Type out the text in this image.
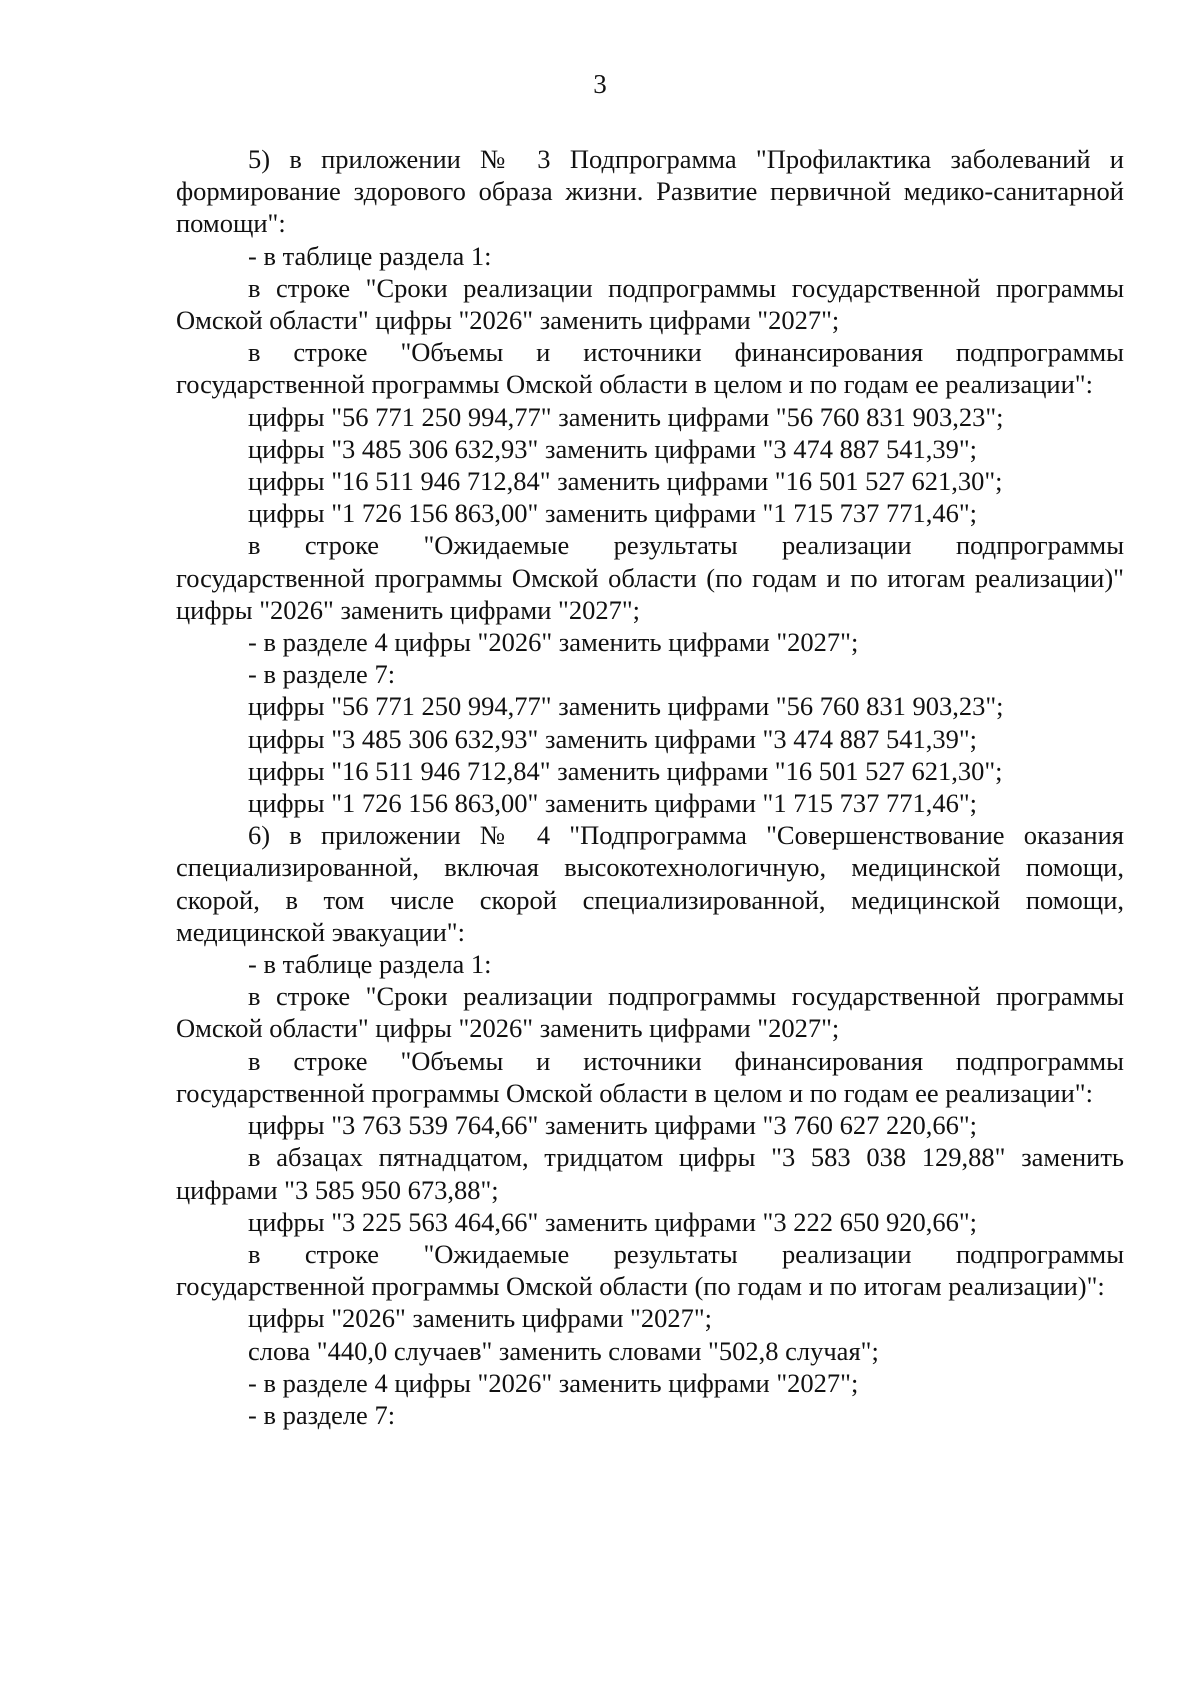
3

5) в приложении № 3 Подпрограмма "Профилактика заболеваний и формирование здорового образа жизни. Развитие первичной медико-санитарной помощи":

- в таблице раздела 1:

в строке "Сроки реализации подпрограммы государственной программы Омской области" цифры "2026" заменить цифрами "2027";

в строке "Объемы и источники финансирования подпрограммы государственной программы Омской области в целом и по годам ее реализации":

цифры "56 771 250 994,77" заменить цифрами "56 760 831 903,23";

цифры "3 485 306 632,93" заменить цифрами "3 474 887 541,39";

цифры "16 511 946 712,84" заменить цифрами "16 501 527 621,30";

цифры "1 726 156 863,00" заменить цифрами "1 715 737 771,46";

в строке "Ожидаемые результаты реализации подпрограммы государственной программы Омской области (по годам и по итогам реализации)" цифры "2026" заменить цифрами "2027";

- в разделе 4 цифры "2026" заменить цифрами "2027";

- в разделе 7:

цифры "56 771 250 994,77" заменить цифрами "56 760 831 903,23";

цифры "3 485 306 632,93" заменить цифрами "3 474 887 541,39";

цифры "16 511 946 712,84" заменить цифрами "16 501 527 621,30";

цифры "1 726 156 863,00" заменить цифрами "1 715 737 771,46";

6) в приложении № 4 "Подпрограмма "Совершенствование оказания специализированной, включая высокотехнологичную, медицинской помощи, скорой, в том числе скорой специализированной, медицинской помощи, медицинской эвакуации":

- в таблице раздела 1:

в строке "Сроки реализации подпрограммы государственной программы Омской области" цифры "2026" заменить цифрами "2027";

в строке "Объемы и источники финансирования подпрограммы государственной программы Омской области в целом и по годам ее реализации":

цифры "3 763 539 764,66" заменить цифрами "3 760 627 220,66";

в абзацах пятнадцатом, тридцатом цифры "3 583 038 129,88" заменить цифрами "3 585 950 673,88";

цифры "3 225 563 464,66" заменить цифрами "3 222 650 920,66";

в строке "Ожидаемые результаты реализации подпрограммы государственной программы Омской области (по годам и по итогам реализации)":

цифры "2026" заменить цифрами "2027";

слова "440,0 случаев" заменить словами "502,8 случая";

- в разделе 4 цифры "2026" заменить цифрами "2027";

- в разделе 7:
